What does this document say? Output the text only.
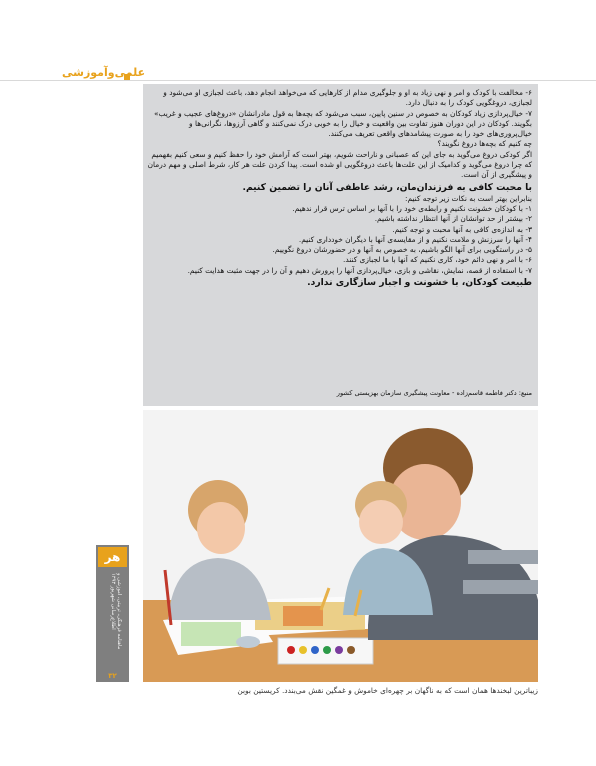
علمی‌وآموزشی

۶- مخالفت با کودک و امر و نهی زیاد به او و جلوگیری مدام از کارهایی که می‌خواهد انجام دهد، باعث لجبازی او می‌شود و لجبازی، دروغگویی کودک را به دنبال دارد.

۷- خیال‌پردازی زیاد کودکان به خصوص در سنین پایین، سبب می‌شود که بچه‌ها به قول مادرانشان «دروغ‌های عجیب و غریب» بگویند. کودکان در این دوران هنوز تفاوت بین واقعیت و خیال را به خوبی درک نمی‌کنند و گاهی آرزوها، نگرانی‌ها و خیال‌پروری‌های خود را به صورت پیشامدهای واقعی تعریف می‌کنند.

چه کنیم که بچه‌ها دروغ نگویند؟

اگر کودکی دروغ می‌گوید به جای این که عصبانی و ناراحت شویم، بهتر است که آرامش خود را حفظ کنیم و سعی کنیم بفهمیم که چرا دروغ می‌گوید و کدامیک از این علت‌ها باعث دروغگویی او شده است. پیدا کردن علت هر کار، شرط اصلی و مهم درمان و پیشگیری از آن است.

با محبت کافی به فرزندان‌مان، رشد عاطفی آنان را تضمین کنیم.

بنابراین بهتر است به نکات زیر توجه کنیم:

۱- با کودکان خشونت نکنیم و رابطه‌ی خود را با آنها بر اساس ترس قرار ندهیم.

۲- بیشتر از حد توانشان از آنها انتظار نداشته باشیم.

۳- به اندازه‌ی کافی به آنها محبت و توجه کنیم.

۴- آنها را سرزنش و ملامت نکنیم و از مقایسه‌ی آنها با دیگران خودداری کنیم.

۵- در راستگویی برای آنها الگو باشیم، به خصوص به آنها و در حضورشان دروغ نگوییم.

۶- با امر و نهی دائم خود، کاری نکنیم که آنها با ما لجبازی کنند.

۷- با استفاده از قصه، نمایش، نقاشی و بازی، خیال‌پردازی آنها را پرورش دهیم و آن را در جهت مثبت هدایت کنیم.

طبیعت کودکان، با خشونت و اجبار سازگاری ندارد.

منبع: دکتر فاطمه قاسم‌زاده - معاونت پیشگیری سازمان بهزیستی کشور

زیباترین لبخندها همان است که به ناگهان بر چهره‌ای خاموش و غمگین نقش می‌بندد. کریستین بوبن
هر
ماهنامه فرهنگی، تربیتی، آموزشی و اطلاع‌رسانی شهریور ۱۳۹۳
۳۲
